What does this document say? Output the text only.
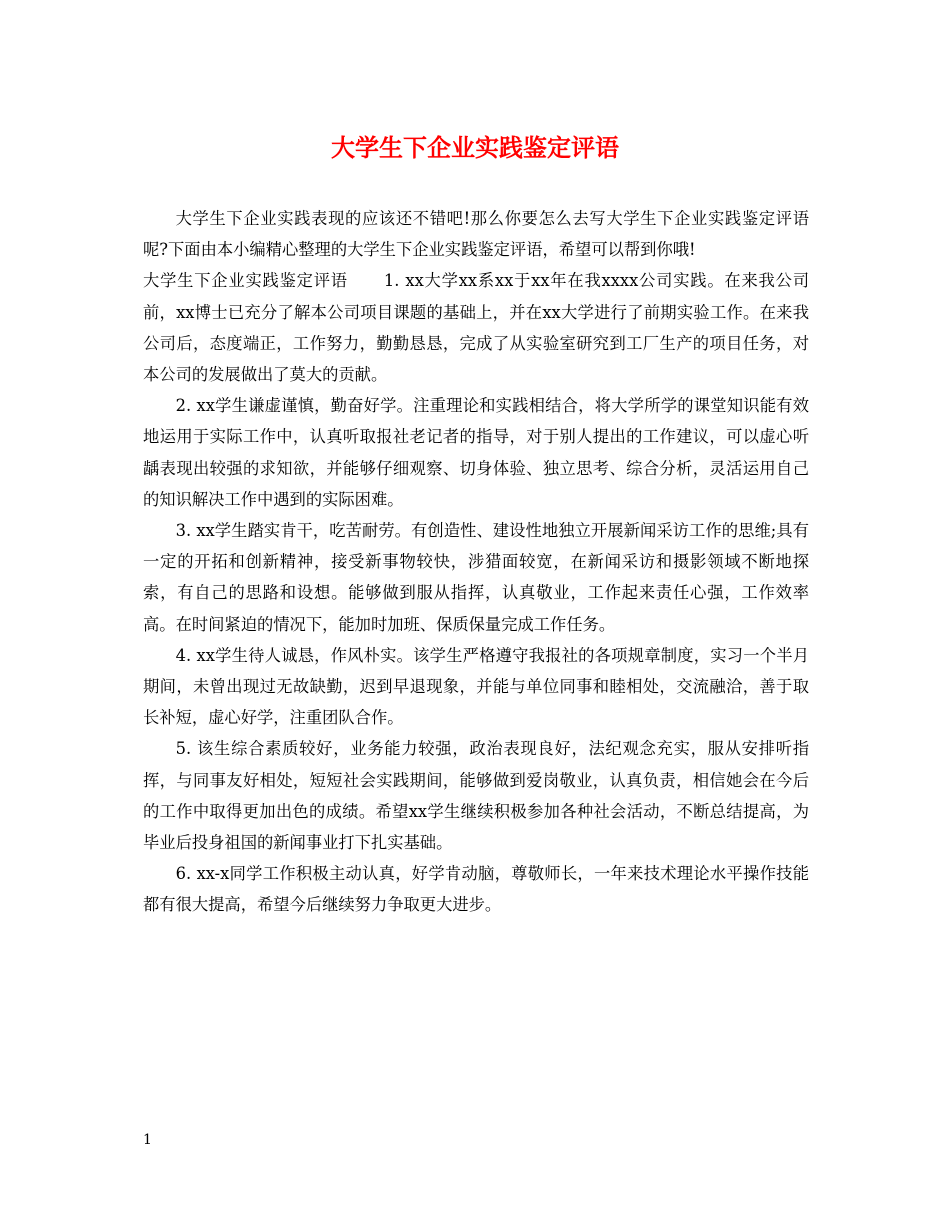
大学生下企业实践鉴定评语

大学生下企业实践表现的应该还不错吧!那么你要怎么去写大学生下企业实践鉴定评语呢?下面由本小编精心整理的大学生下企业实践鉴定评语，希望可以帮到你哦!

大学生下企业实践鉴定评语 1. xx大学xx系xx于xx年在我xxxx公司实践。在来我公司前，xx博士已充分了解本公司项目课题的基础上，并在xx大学进行了前期实验工作。在来我公司后，态度端正，工作努力，勤勤恳恳，完成了从实验室研究到工厂生产的项目任务，对本公司的发展做出了莫大的贡献。

2. xx学生谦虚谨慎，勤奋好学。注重理论和实践相结合，将大学所学的课堂知识能有效地运用于实际工作中，认真听取报社老记者的指导，对于别人提出的工作建议，可以虚心听龋表现出较强的求知欲，并能够仔细观察、切身体验、独立思考、综合分析，灵活运用自己的知识解决工作中遇到的实际困难。

3. xx学生踏实肯干，吃苦耐劳。有创造性、建设性地独立开展新闻采访工作的思维;具有一定的开拓和创新精神，接受新事物较快，涉猎面较宽，在新闻采访和摄影领域不断地探索，有自己的思路和设想。能够做到服从指挥，认真敬业，工作起来责任心强，工作效率高。在时间紧迫的情况下，能加时加班、保质保量完成工作任务。

4. xx学生待人诚恳，作风朴实。该学生严格遵守我报社的各项规章制度，实习一个半月期间，未曾出现过无故缺勤，迟到早退现象，并能与单位同事和睦相处，交流融洽，善于取长补短，虚心好学，注重团队合作。

5. 该生综合素质较好，业务能力较强，政治表现良好，法纪观念充实，服从安排听指挥，与同事友好相处，短短社会实践期间，能够做到爱岗敬业，认真负责，相信她会在今后的工作中取得更加出色的成绩。希望xx学生继续积极参加各种社会活动，不断总结提高，为毕业后投身祖国的新闻事业打下扎实基础。

6. xx-x同学工作积极主动认真，好学肯动脑，尊敬师长，一年来技术理论水平操作技能都有很大提高，希望今后继续努力争取更大进步。

1
